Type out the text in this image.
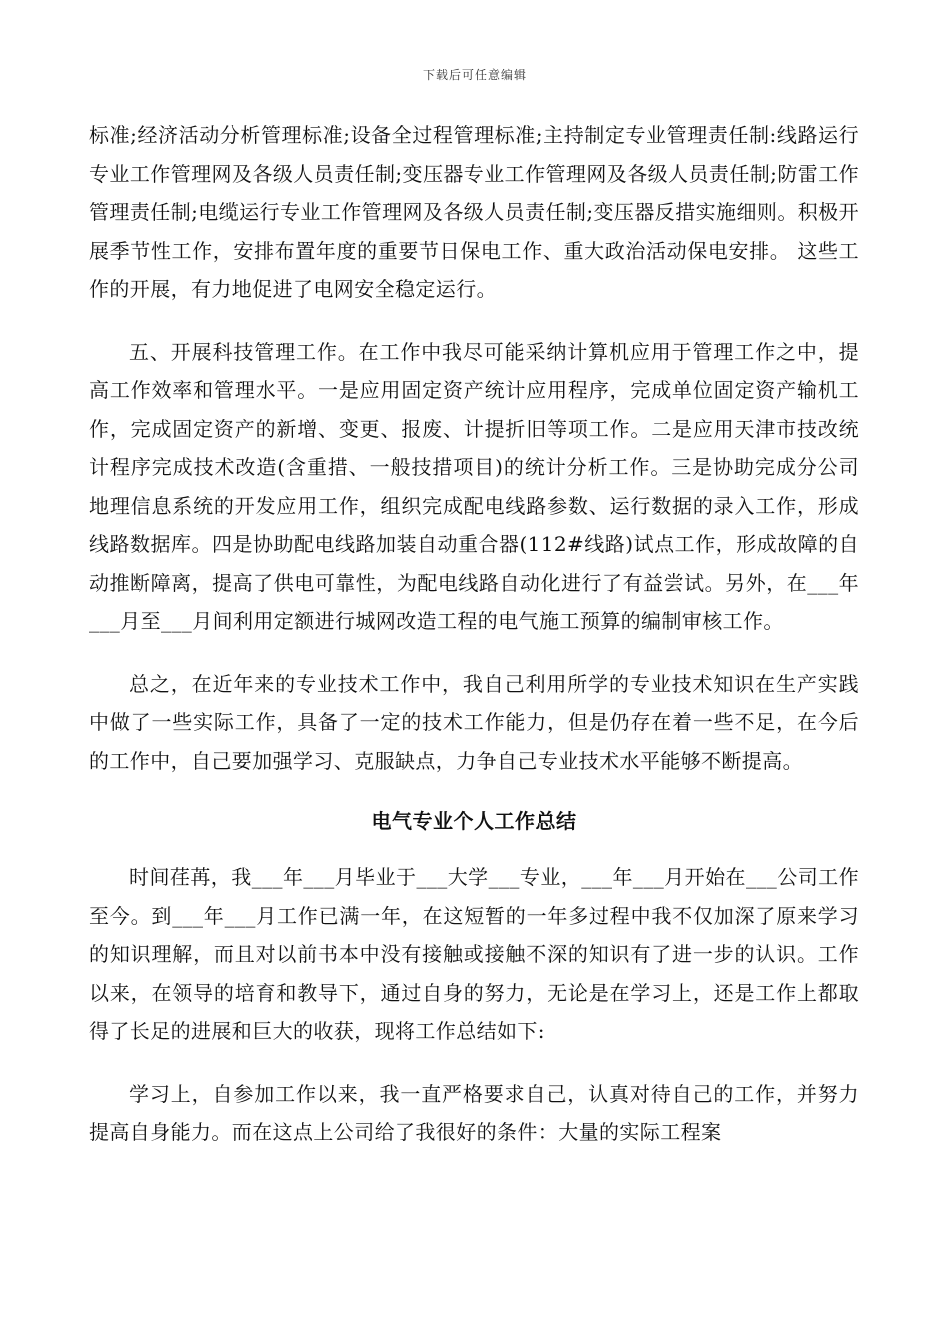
下载后可任意编辑

标准;经济活动分析管理标准;设备全过程管理标准;主持制定专业管理责任制:线路运行专业工作管理网及各级人员责任制;变压器专业工作管理网及各级人员责任制;防雷工作管理责任制;电缆运行专业工作管理网及各级人员责任制;变压器反措实施细则。积极开展季节性工作，安排布置年度的重要节日保电工作、重大政治活动保电安排。 这些工作的开展，有力地促进了电网安全稳定运行。

五、开展科技管理工作。在工作中我尽可能采纳计算机应用于管理工作之中，提高工作效率和管理水平。一是应用固定资产统计应用程序，完成单位固定资产输机工作，完成固定资产的新增、变更、报废、计提折旧等项工作。二是应用天津市技改统计程序完成技术改造(含重措、一般技措项目)的统计分析工作。三是协助完成分公司地理信息系统的开发应用工作，组织完成配电线路参数、运行数据的录入工作，形成线路数据库。四是协助配电线路加装自动重合器(112#线路)试点工作，形成故障的自动推断障离，提高了供电可靠性，为配电线路自动化进行了有益尝试。另外，在___年___月至___月间利用定额进行城网改造工程的电气施工预算的编制审核工作。

总之，在近年来的专业技术工作中，我自己利用所学的专业技术知识在生产实践中做了一些实际工作，具备了一定的技术工作能力，但是仍存在着一些不足，在今后的工作中，自己要加强学习、克服缺点，力争自己专业技术水平能够不断提高。

电气专业个人工作总结

时间荏苒，我___年___月毕业于___大学___专业，___年___月开始在___公司工作至今。到___年___月工作已满一年，在这短暂的一年多过程中我不仅加深了原来学习的知识理解，而且对以前书本中没有接触或接触不深的知识有了进一步的认识。工作以来，在领导的培育和教导下，通过自身的努力，无论是在学习上，还是工作上都取得了长足的进展和巨大的收获，现将工作总结如下:

学习上，自参加工作以来，我一直严格要求自己，认真对待自己的工作，并努力提高自身能力。而在这点上公司给了我很好的条件：大量的实际工程案
